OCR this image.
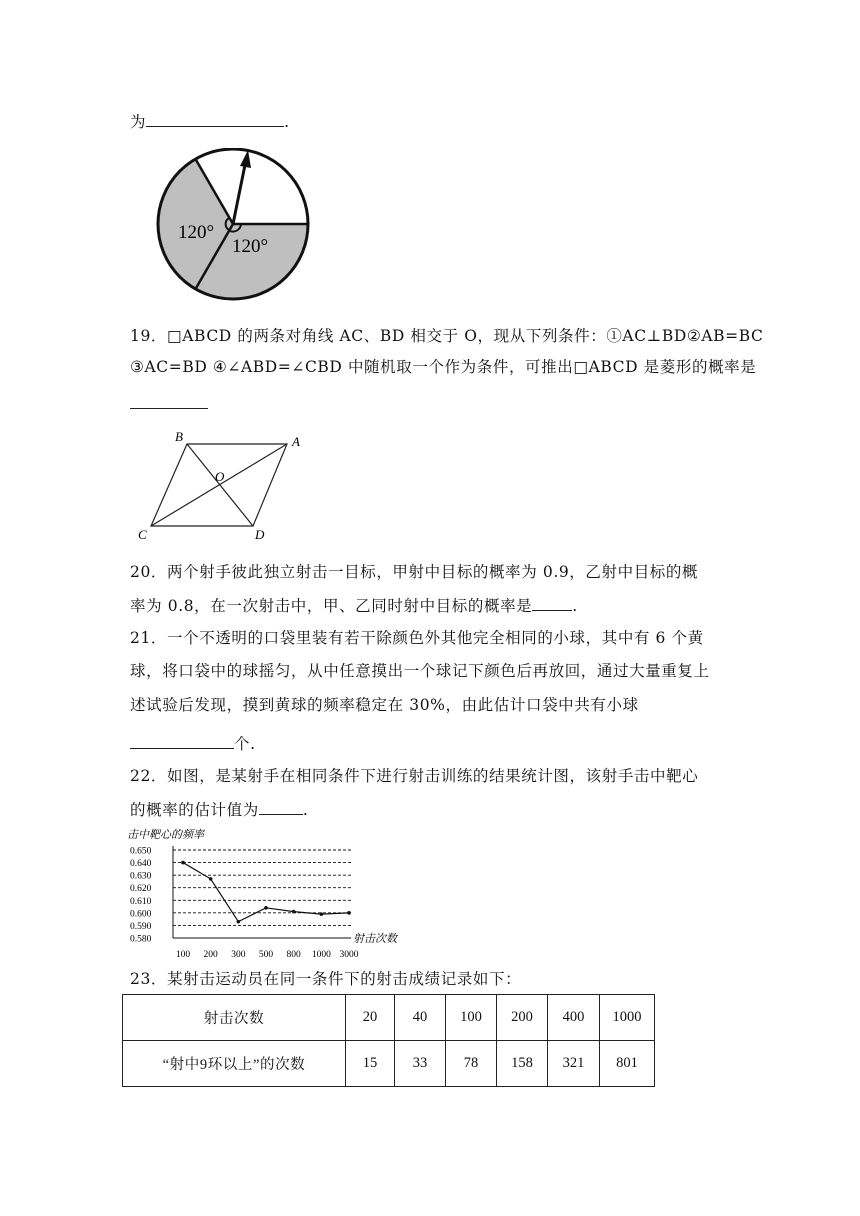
为	.
120°
120°
19．□ABCD 的两条对角线 AC、BD 相交于 O，现从下列条件：①AC⊥BD②AB=BC
③AC=BD ④∠ABD=∠CBD 中随机取一个作为条件，可推出□ABCD 是菱形的概率是
B	A
C	D
O
20．两个射手彼此独立射击一目标，甲射中目标的概率为 0.9，乙射中目标的概
率为 0.8，在一次射击中，甲、乙同时射中目标的概率是	.
21．一个不透明的口袋里装有若干除颜色外其他完全相同的小球，其中有 6 个黄
球，将口袋中的球摇匀，从中任意摸出一个球记下颜色后再放回，通过大量重复上
述试验后发现，摸到黄球的频率稳定在 30%，由此估计口袋中共有小球
个.
22．如图，是某射手在相同条件下进行射击训练的结果统计图，该射手击中靶心
的概率的估计值为	.
击中靶心的频率
0.650
0.640
0.630
0.620
0.610
0.600
0.590
0.580
100 200 300 500 800 1000 3000
射击次数
23．某射击运动员在同一条件下的射击成绩记录如下：
射击次数	20	40	100	200	400	1000
“射中9环以上”的次数	15	33	78	158	321	801
